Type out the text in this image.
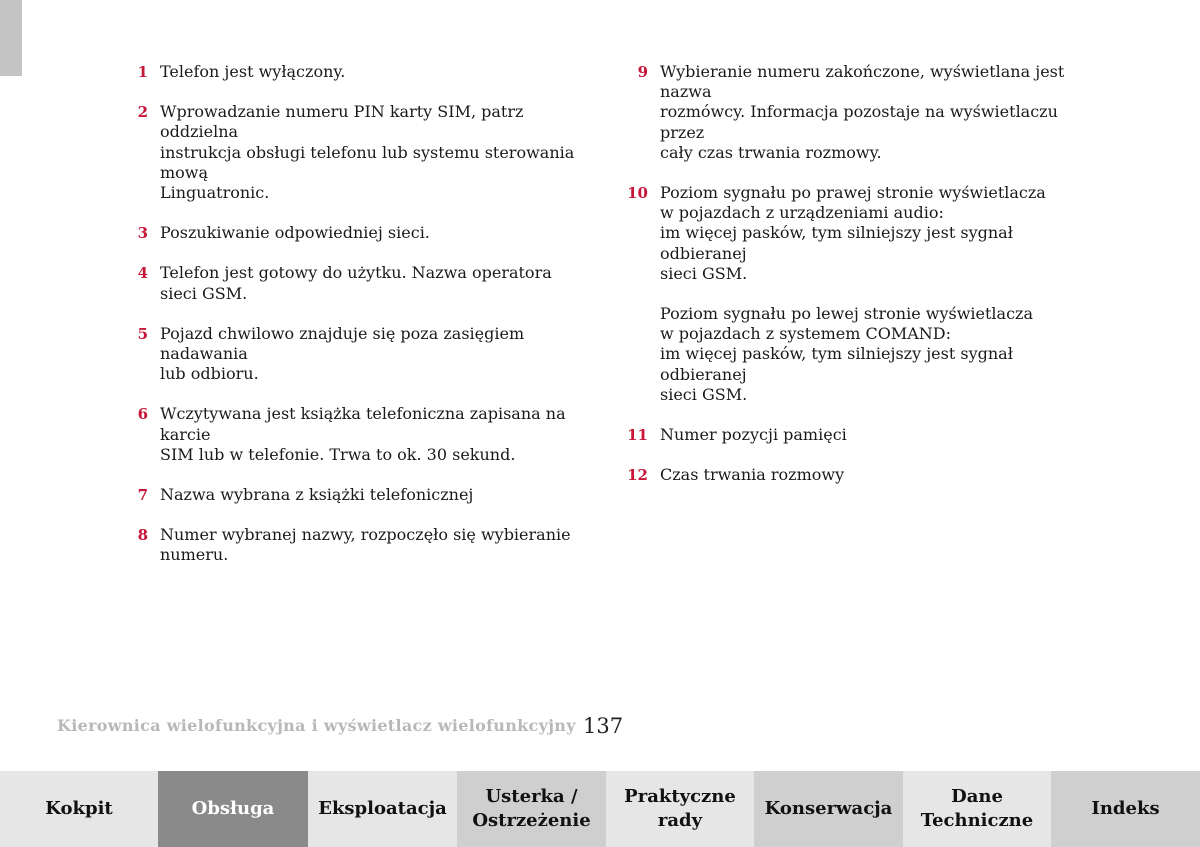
1 Telefon jest wyłączony.
2 Wprowadzanie numeru PIN karty SIM, patrz oddzielna
instrukcja obsługi telefonu lub systemu sterowania mową
Linguatronic.
3 Poszukiwanie odpowiedniej sieci.
4 Telefon jest gotowy do użytku. Nazwa operatora sieci GSM.
5 Pojazd chwilowo znajduje się poza zasięgiem nadawania
lub odbioru.
6 Wczytywana jest książka telefoniczna zapisana na karcie
SIM lub w telefonie. Trwa to ok. 30 sekund.
7 Nazwa wybrana z książki telefonicznej
8 Numer wybranej nazwy, rozpoczęło się wybieranie
numeru.
9 Wybieranie numeru zakończone, wyświetlana jest nazwa
rozmówcy. Informacja pozostaje na wyświetlaczu przez
cały czas trwania rozmowy.
10 Poziom sygnału po prawej stronie wyświetlacza
w pojazdach z urządzeniami audio:
im więcej pasków, tym silniejszy jest sygnał odbieranej
sieci GSM.
Poziom sygnału po lewej stronie wyświetlacza
w pojazdach z systemem COMAND:
im więcej pasków, tym silniejszy jest sygnał odbieranej
sieci GSM.
11 Numer pozycji pamięci
12 Czas trwania rozmowy
Kierownica wielofunkcyjna i wyświetlacz wielofunkcyjny 137
Kokpit	Obsługa	Eksploatacja
Usterka /
Ostrzeżenie
Praktyczne
rady
Konserwacja
Dane
Techniczne
Indeks
